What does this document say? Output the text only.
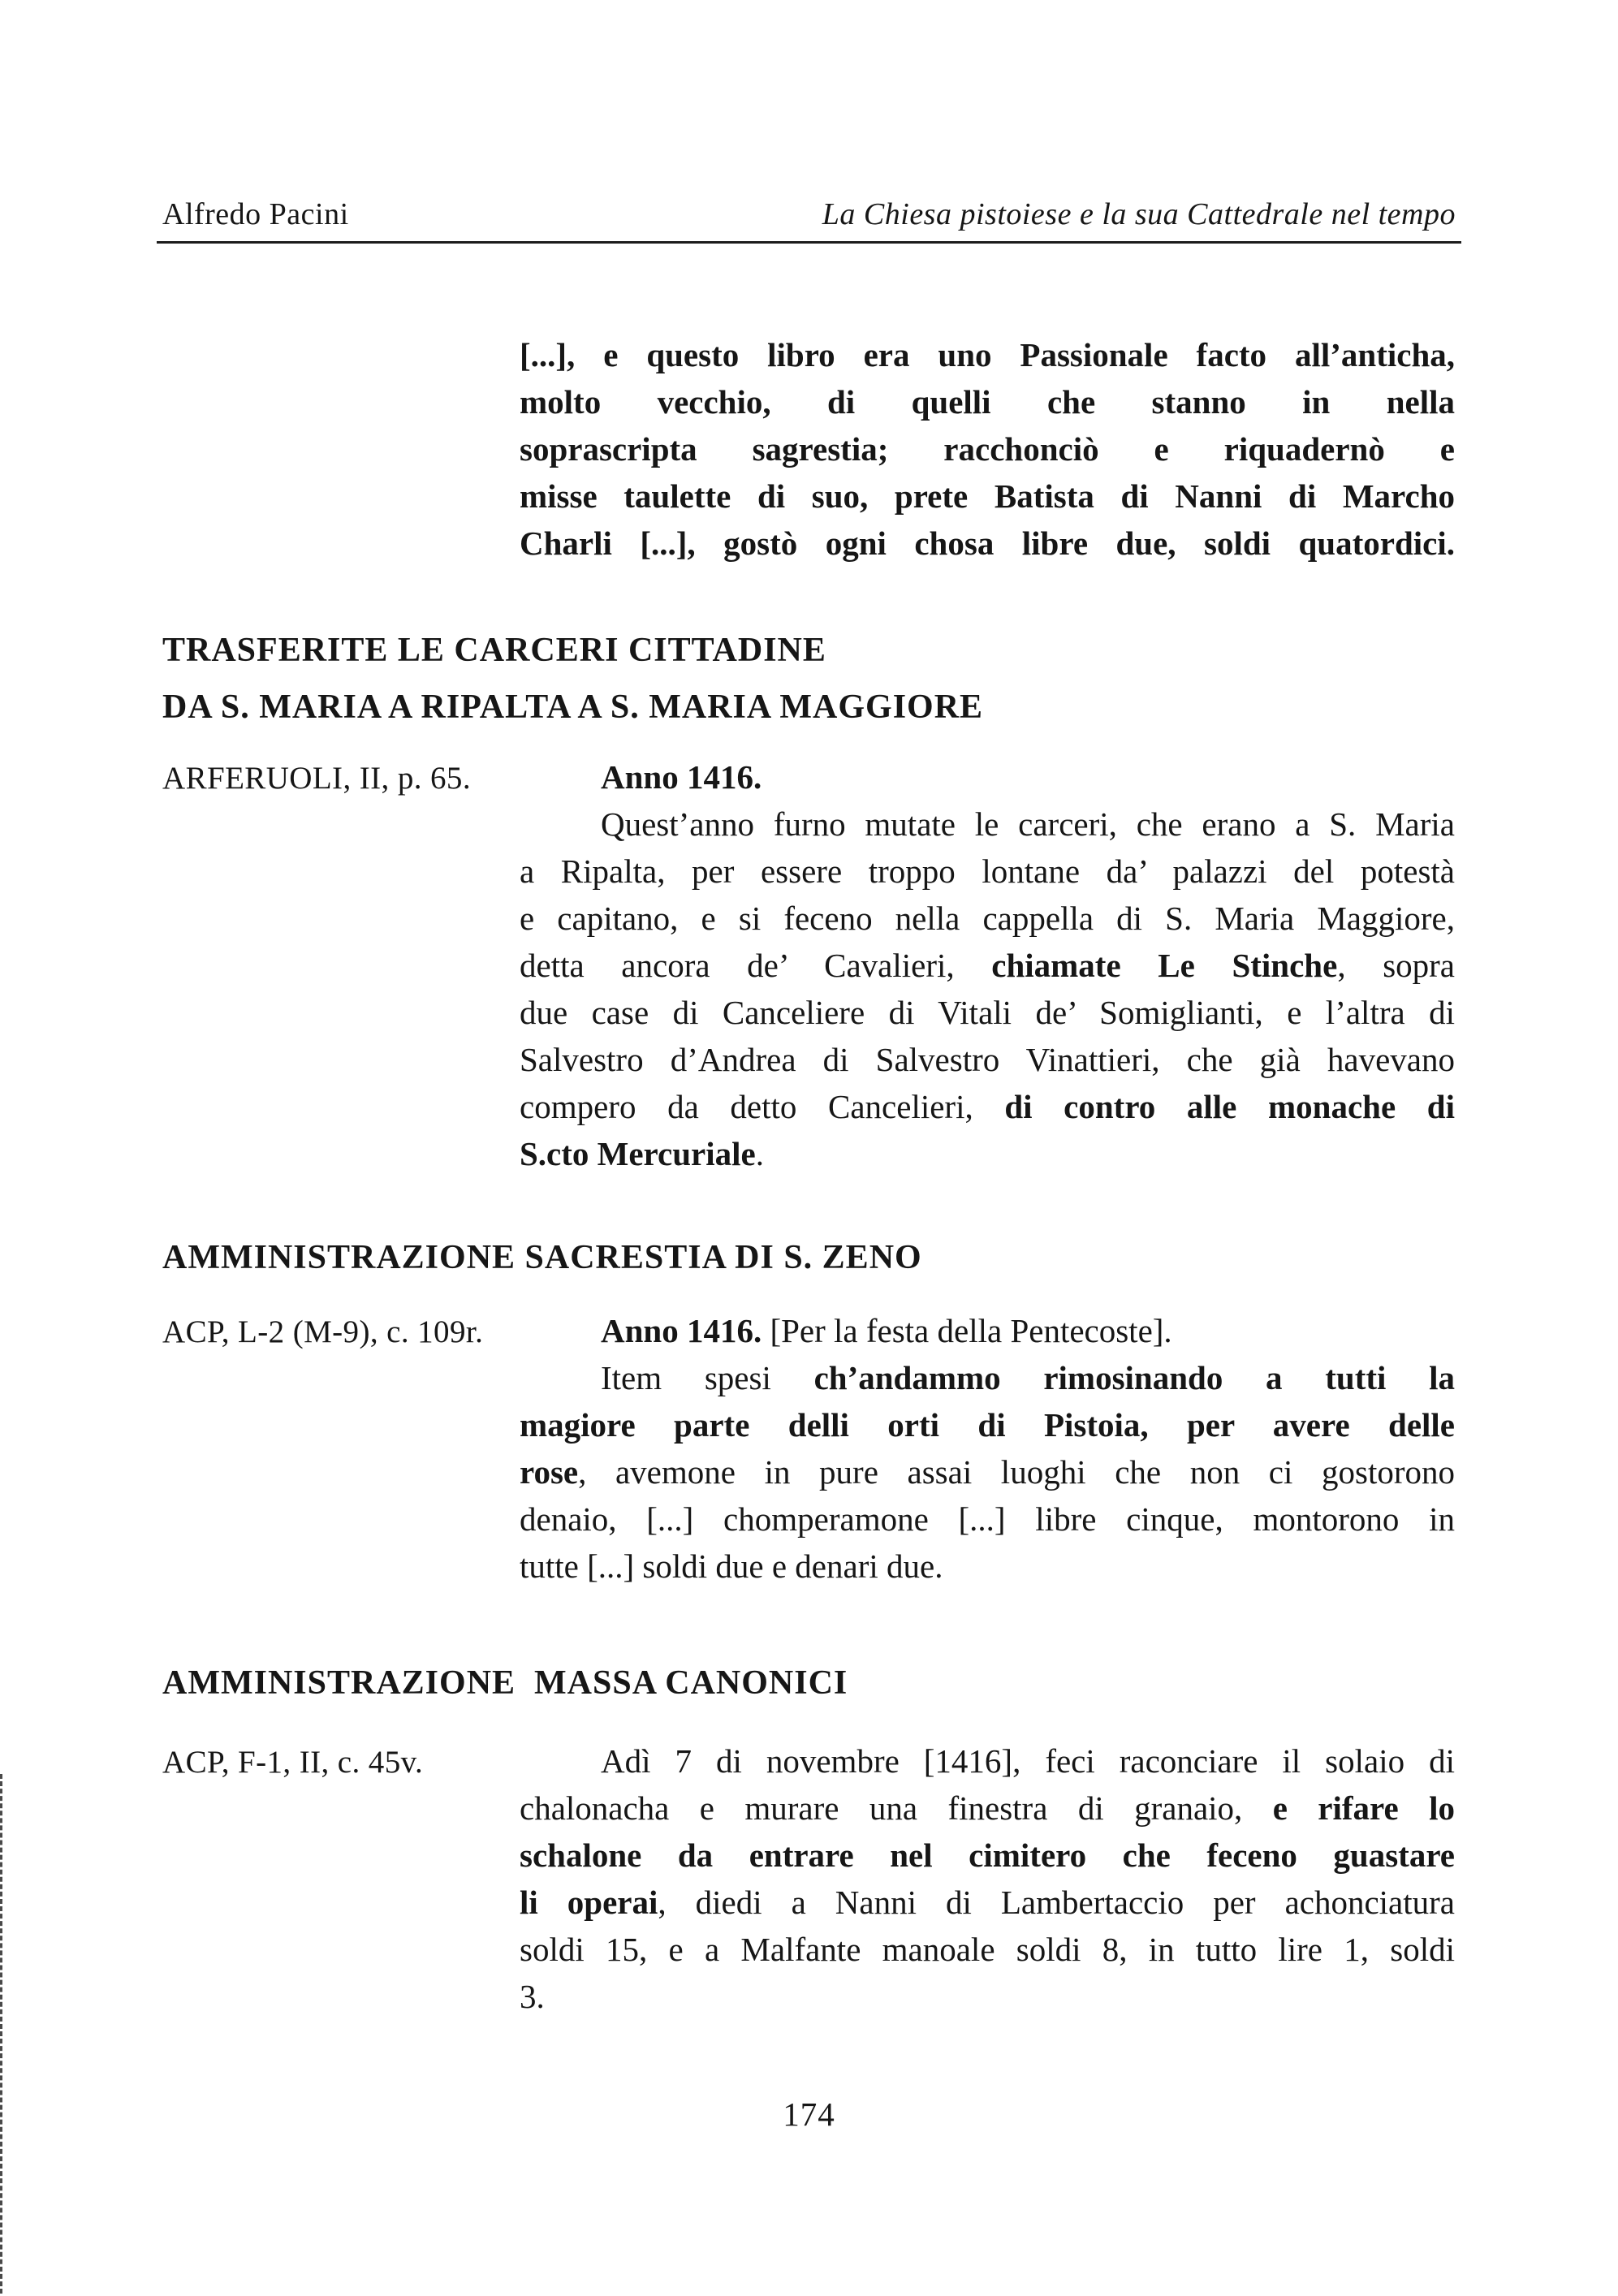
Alfredo Pacini	La Chiesa pistoiese e la sua Cattedrale nel tempo
[...], e questo libro era uno Passionale facto all’anticha,
molto vecchio, di quelli che stanno in nella
soprascripta sagrestia; racchonciò e riquadernò e
misse taulette di suo, prete Batista di Nanni di Marcho
Charli [...], gostò ogni chosa libre due, soldi quatordici.
TRASFERITE LE CARCERI CITTADINE
DA S. MARIA A RIPALTA A S. MARIA MAGGIORE
ARFERUOLI, II, p. 65.	Anno 1416.
Quest’anno furno mutate le carceri, che erano a S. Maria
a Ripalta, per essere troppo lontane da’ palazzi del potestà
e capitano, e si feceno nella cappella di S. Maria Maggiore,
detta ancora de’ Cavalieri, chiamate Le Stinche, sopra
due case di Canceliere di Vitali de’ Somiglianti, e l’altra di
Salvestro d’Andrea di Salvestro Vinattieri, che già havevano
compero da detto Cancelieri, di contro alle monache di
S.cto Mercuriale.
AMMINISTRAZIONE SACRESTIA DI S. ZENO
ACP, L-2 (M-9), c. 109r.	Anno 1416. [Per la festa della Pentecoste].
Item spesi ch’andammo rimosinando a tutti la
magiore parte delli orti di Pistoia, per avere delle
rose, avemone in pure assai luoghi che non ci gostorono
denaio, [...] chomperamone [...] libre cinque, montorono in
tutte [...] soldi due e denari due.
AMMINISTRAZIONE  MASSA CANONICI
ACP, F-1, II, c. 45v.	Adì 7 di novembre [1416], feci raconciare il solaio di
chalonacha e murare una finestra di granaio, e rifare lo
schalone da entrare nel cimitero che feceno guastare
li operai, diedi a Nanni di Lambertaccio per achonciatura
soldi 15, e a Malfante manoale soldi 8, in tutto lire 1, soldi
3.
174
